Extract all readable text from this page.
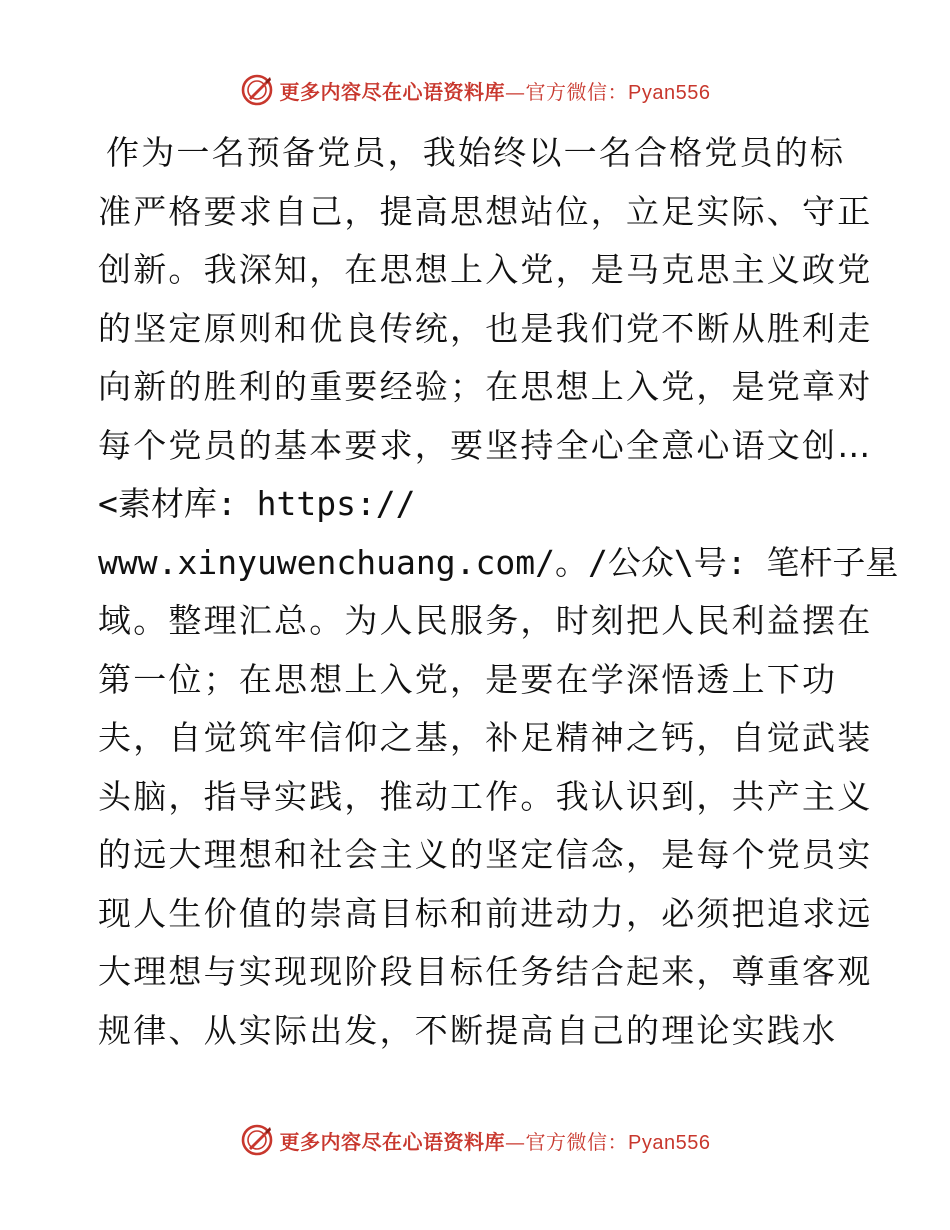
更多内容尽在心语资料库—官方微信：Pyan556
作为一名预备党员，我始终以一名合格党员的标
准严格要求自己，提高思想站位，立足实际、守正
创新。我深知，在思想上入党，是马克思主义政党
的坚定原则和优良传统，也是我们党不断从胜利走
向新的胜利的重要经验；在思想上入党，是党章对
每个党员的基本要求，要坚持全心全意心语文创…
<素材库: https://
www.xinyuwenchuang.com/。/公众\号: 笔杆子星
域。整理汇总。为人民服务，时刻把人民利益摆在
第一位；在思想上入党，是要在学深悟透上下功
夫，自觉筑牢信仰之基，补足精神之钙，自觉武装
头脑，指导实践，推动工作。我认识到，共产主义
的远大理想和社会主义的坚定信念，是每个党员实
现人生价值的崇高目标和前进动力，必须把追求远
大理想与实现现阶段目标任务结合起来，尊重客观
规律、从实际出发，不断提高自己的理论实践水
更多内容尽在心语资料库—官方微信：Pyan556
